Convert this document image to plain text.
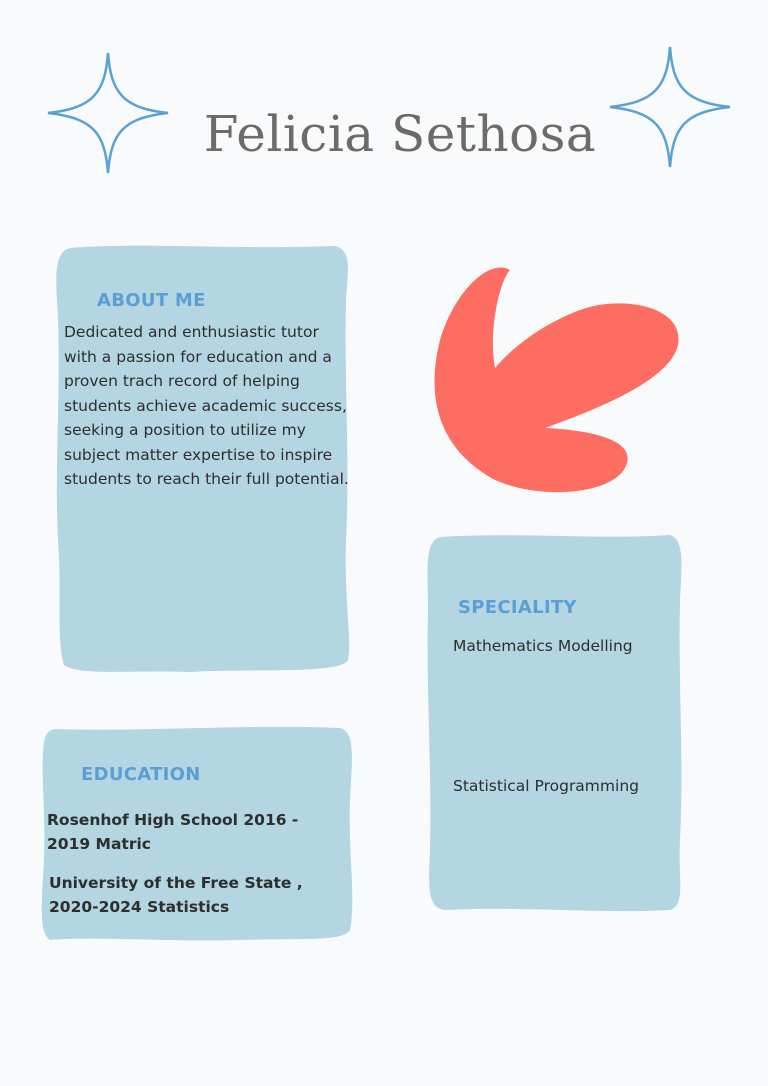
Felicia Sethosa
ABOUT ME
Dedicated and enthusiastic tutor with a passion for education and a proven trach record of helping students achieve academic success, seeking a position to utilize my subject matter expertise to inspire students to reach their full potential.
SPECIALITY
Mathematics Modelling
Statistical Programming
EDUCATION
Rosenhof High School 2016 - 2019 Matric
University of the Free State , 2020-2024 Statistics
